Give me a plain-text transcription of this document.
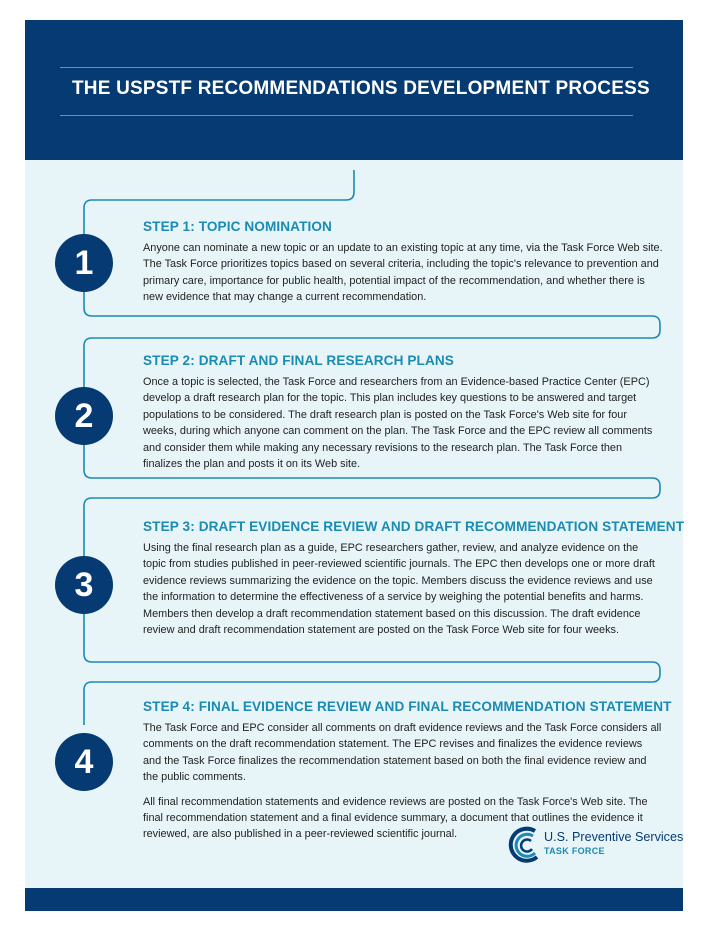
THE USPSTF RECOMMENDATIONS DEVELOPMENT PROCESS
1
2
3
4
STEP 1: TOPIC NOMINATION

Anyone can nominate a new topic or an update to an existing topic at any time, via the Task Force Web site. The Task Force prioritizes topics based on several criteria, including the topic's relevance to prevention and primary care, importance for public health, potential impact of the recommendation, and whether there is new evidence that may change a current recommendation.

STEP 2: DRAFT AND FINAL RESEARCH PLANS

Once a topic is selected, the Task Force and researchers from an Evidence-based Practice Center (EPC) develop a draft research plan for the topic. This plan includes key questions to be answered and target populations to be considered. The draft research plan is posted on the Task Force's Web site for four weeks, during which anyone can comment on the plan. The Task Force and the EPC review all comments and consider them while making any necessary revisions to the research plan. The Task Force then finalizes the plan and posts it on its Web site.

STEP 3: DRAFT EVIDENCE REVIEW AND DRAFT RECOMMENDATION STATEMENT

Using the final research plan as a guide, EPC researchers gather, review, and analyze evidence on the topic from studies published in peer-reviewed scientific journals. The EPC then develops one or more draft evidence reviews summarizing the evidence on the topic. Members discuss the evidence reviews and use the information to determine the effectiveness of a service by weighing the potential benefits and harms. Members then develop a draft recommendation statement based on this discussion. The draft evidence review and draft recommendation statement are posted on the Task Force Web site for four weeks.

STEP 4: FINAL EVIDENCE REVIEW AND FINAL RECOMMENDATION STATEMENT

The Task Force and EPC consider all comments on draft evidence reviews and the Task Force considers all comments on the draft recommendation statement. The EPC revises and finalizes the evidence reviews and the Task Force finalizes the recommendation statement based on both the final evidence review and the public comments.

All final recommendation statements and evidence reviews are posted on the Task Force's Web site. The final recommendation statement and a final evidence summary, a document that outlines the evidence it reviewed, are also published in a peer-reviewed scientific journal.	U.S. Preventive Services
TASK FORCE
